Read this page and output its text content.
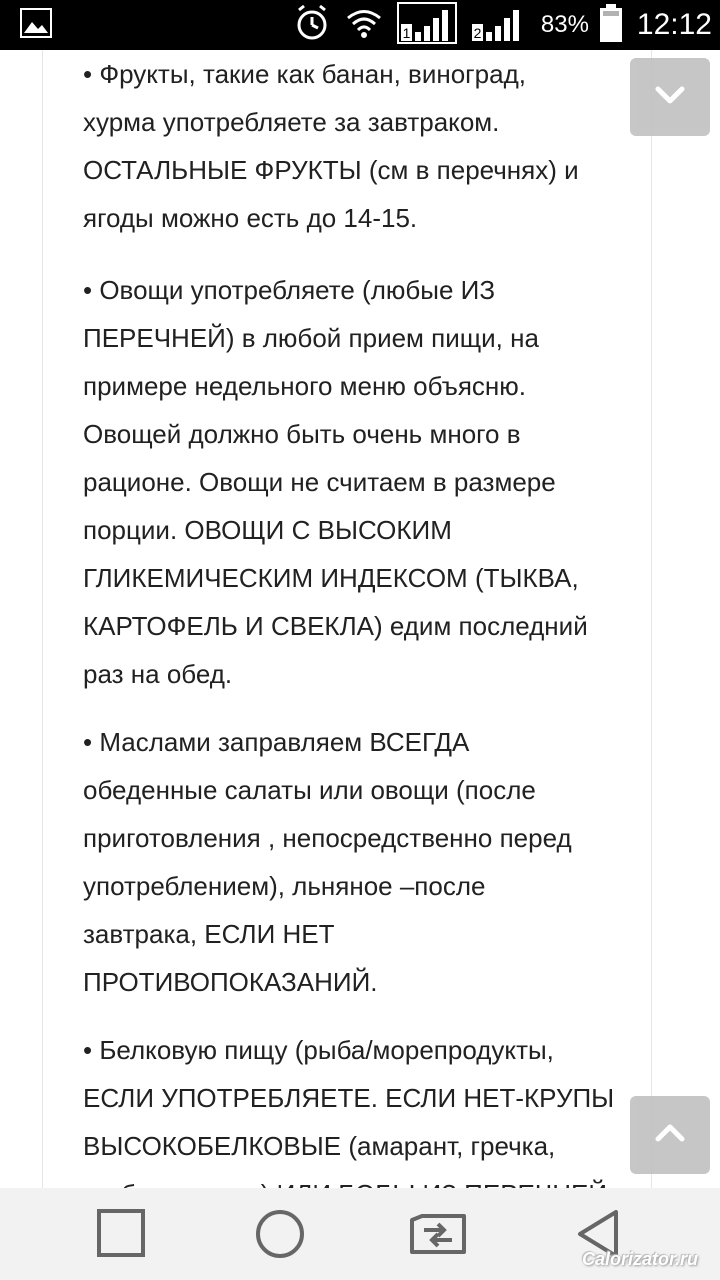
1	2 83% 12:12
• Фрукты, такие как банан, виноград,
хурма употребляете за завтраком.
ОСТАЛЬНЫЕ ФРУКТЫ (см в перечнях) и
ягоды можно есть до 14-15.
• Овощи употребляете (любые ИЗ
ПЕРЕЧНЕЙ) в любой прием пищи, на
примере недельного меню объясню.
Овощей должно быть очень много в
рационе. Овощи не считаем в размере
порции. ОВОЩИ С ВЫСОКИМ
ГЛИКЕМИЧЕСКИМ ИНДЕКСОМ (ТЫКВА,
КАРТОФЕЛЬ И СВЕКЛА) едим последний
раз на обед.
• Маслами заправляем ВСЕГДА
обеденные салаты или овощи (после
приготовления , непосредственно перед
употреблением), льняное –после
завтрака, ЕСЛИ НЕТ
ПРОТИВОПОКАЗАНИЙ.
• Белковую пищу (рыба/морепродукты,
ЕСЛИ УПОТРЕБЛЯЕТЕ. ЕСЛИ НЕТ-КРУПЫ
ВЫСОКОБЕЛКОВЫЕ (амарант, гречка,
Calorizator.ru
